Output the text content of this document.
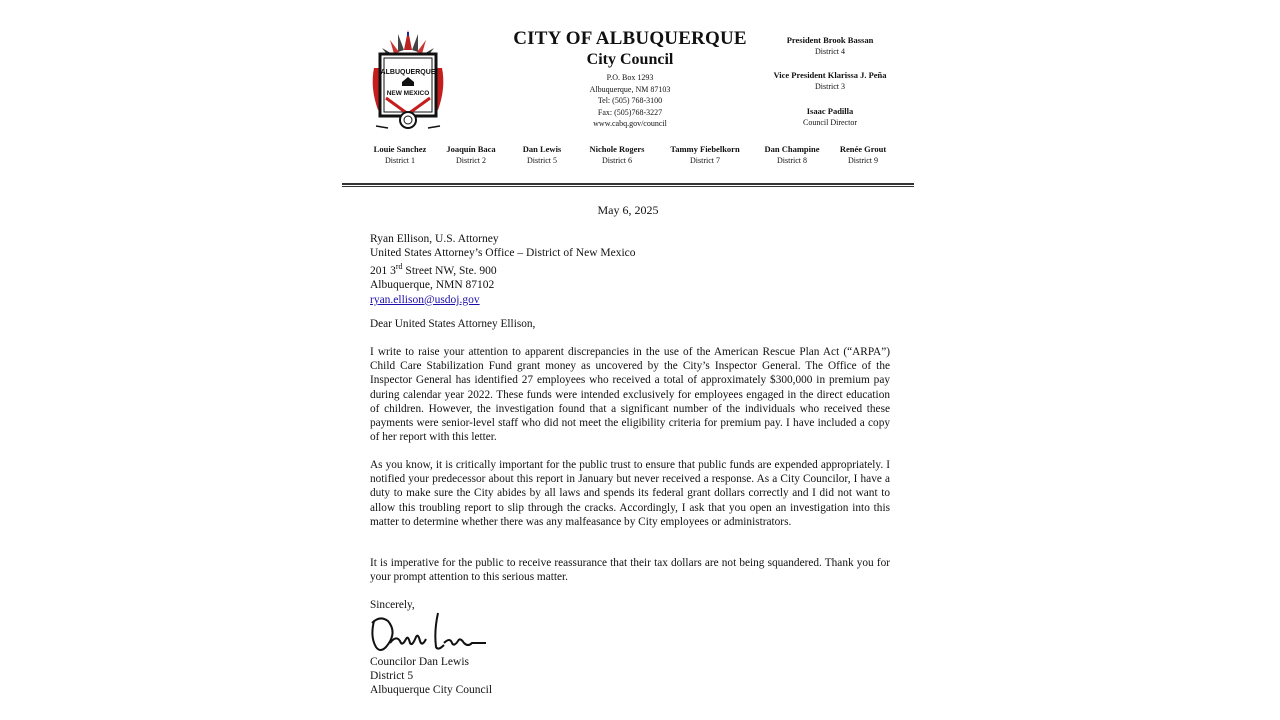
ALBUQUERQUE
NEW MEXICO
CITY OF ALBUQUERQUE
City Council
P.O. Box 1293
Albuquerque, NM 87103
Tel: (505) 768-3100
Fax: (505)768-3227
www.cabq.gov/council
President Brook Bassan
District 4
Vice President Klarissa J. Peña
District 3
Isaac Padilla
Council Director
Louie Sanchez
District 1
Joaquín Baca
District 2
Dan Lewis
District 5
Nichole Rogers
District 6
Tammy Fiebelkorn
District 7
Dan Champine
District 8
Renée Grout
District 9
May 6, 2025
Ryan Ellison, U.S. Attorney
United States Attorney’s Office – District of New Mexico
201 3rd Street NW, Ste. 900
Albuquerque, NMN 87102
ryan.ellison@usdoj.gov
Dear United States Attorney Ellison,
I write to raise your attention to apparent discrepancies in the use of the American Rescue Plan Act (“ARPA”) Child Care Stabilization Fund grant money as uncovered by the City’s Inspector General. The Office of the Inspector General has identified 27 employees who received a total of approximately $300,000 in premium pay during calendar year 2022. These funds were intended exclusively for employees engaged in the direct education of children. However, the investigation found that a significant number of the individuals who received these payments were senior-level staff who did not meet the eligibility criteria for premium pay. I have included a copy of her report with this letter.
As you know, it is critically important for the public trust to ensure that public funds are expended appropriately. I notified your predecessor about this report in January but never received a response. As a City Councilor, I have a duty to make sure the City abides by all laws and spends its federal grant dollars correctly and I did not want to allow this troubling report to slip through the cracks. Accordingly, I ask that you open an investigation into this matter to determine whether there was any malfeasance by City employees or administrators.
It is imperative for the public to receive reassurance that their tax dollars are not being squandered. Thank you for your prompt attention to this serious matter.
Sincerely,
Councilor Dan Lewis
District 5
Albuquerque City Council
